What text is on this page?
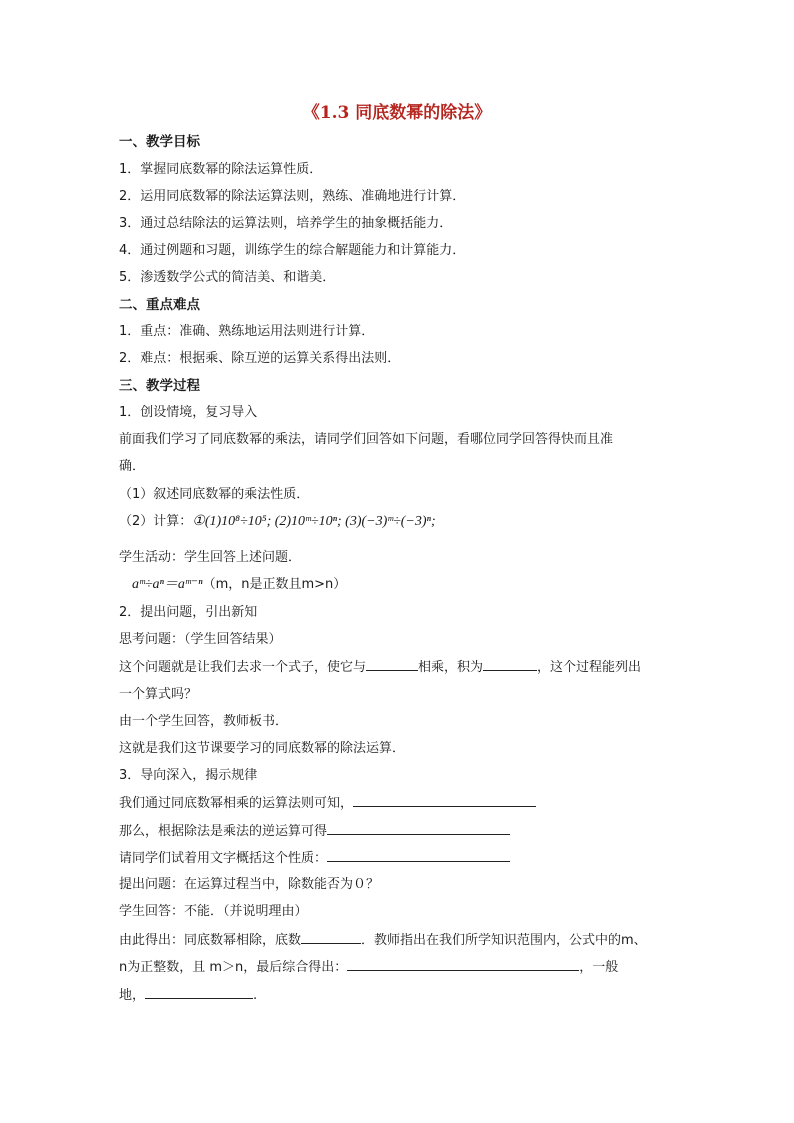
《1.3 同底数幂的除法》
一、教学目标
1．掌握同底数幂的除法运算性质．
2．运用同底数幂的除法运算法则，熟练、准确地进行计算．
3．通过总结除法的运算法则，培养学生的抽象概括能力．
4．通过例题和习题，训练学生的综合解题能力和计算能力．
5．渗透数学公式的简洁美、和谐美．
二、重点难点
1．重点：准确、熟练地运用法则进行计算．
2．难点：根据乘、除互逆的运算关系得出法则．
三、教学过程
1．创设情境，复习导入
前面我们学习了同底数幂的乘法，请同学们回答如下问题，看哪位同学回答得快而且准
确．
（1）叙述同底数幂的乘法性质．
（2）计算：①(1)10⁸÷10⁵; (2)10ᵐ÷10ⁿ; (3)(−3)ᵐ÷(−3)ⁿ;
学生活动：学生回答上述问题．
aᵐ÷aⁿ＝aᵐ⁻ⁿ（m，n是正数且m>n）
2．提出问题，引出新知
思考问题：（学生回答结果）
这个问题就是让我们去求一个式子，使它与	相乘，积为	，这个过程能列出
一个算式吗？
由一个学生回答，教师板书．
这就是我们这节课要学习的同底数幂的除法运算．
3．导向深入，揭示规律
我们通过同底数幂相乘的运算法则可知，
那么，根据除法是乘法的逆运算可得
请同学们试着用文字概括这个性质：
提出问题：在运算过程当中，除数能否为０？
学生回答：不能．（并说明理由）
由此得出：同底数幂相除，底数	．教师指出在我们所学知识范围内，公式中的m、
n为正整数，且 m＞n，最后综合得出：	，一般
地，	.
